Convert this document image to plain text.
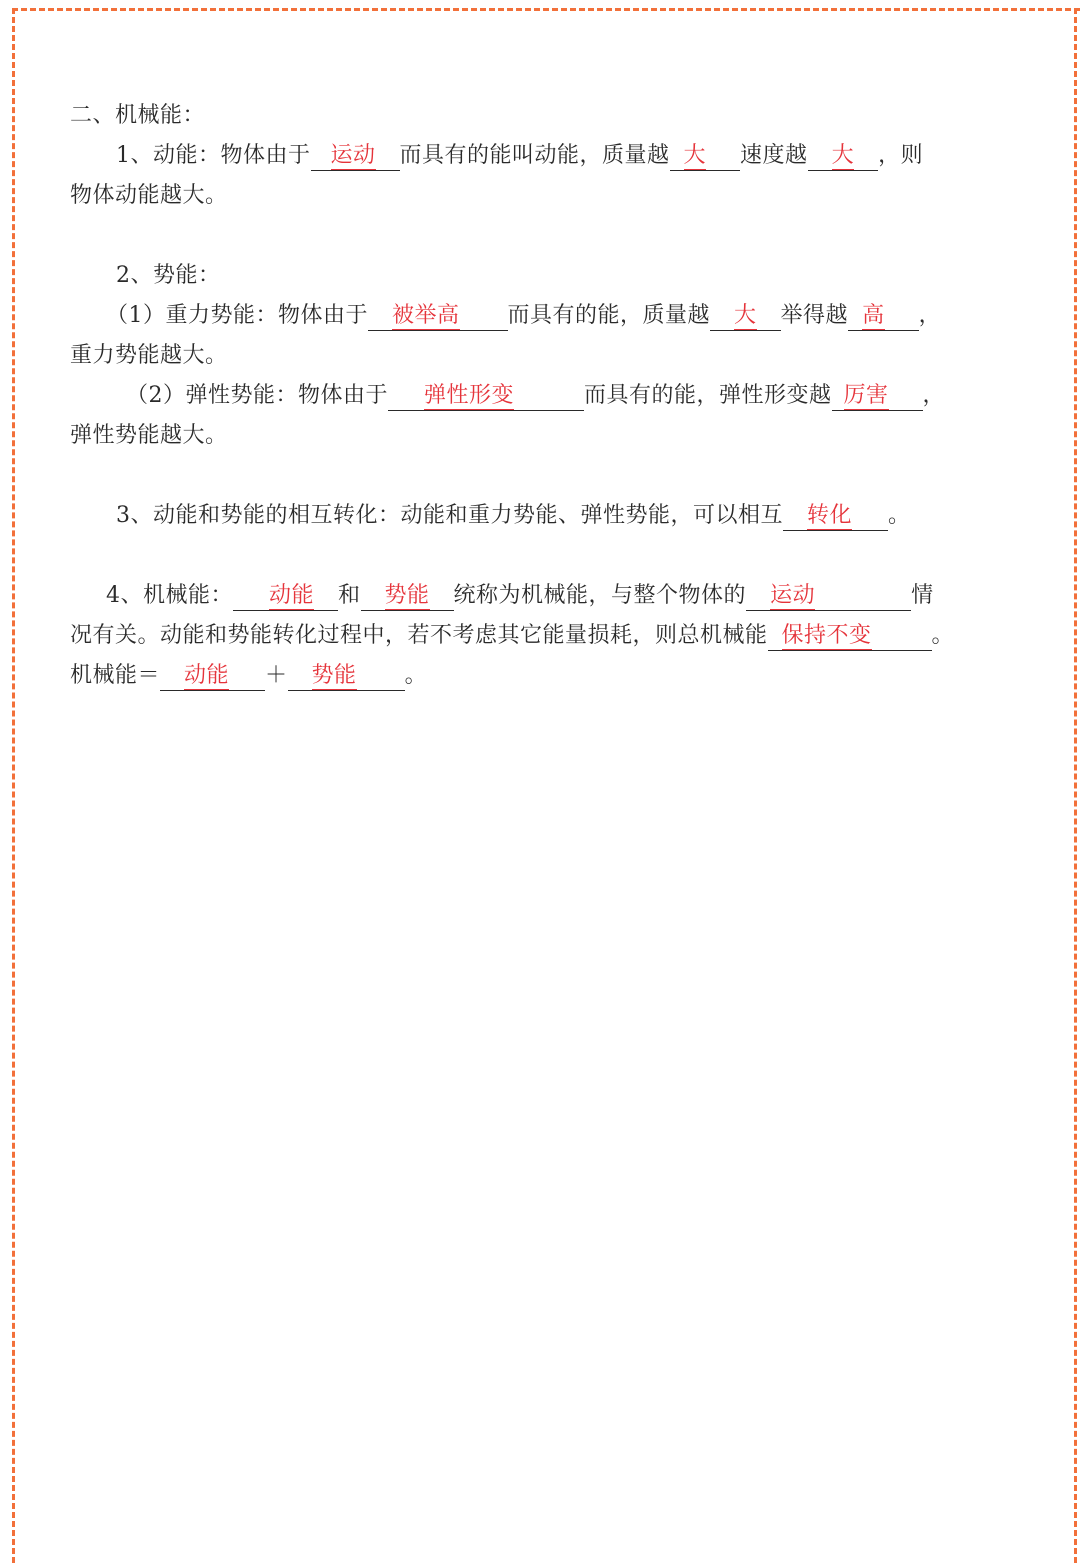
二、机械能：
1、动能：物体由于 运动 而具有的能叫动能，质量越 大 速度越 大 ，则
物体动能越大。
2、势能：
（1）重力势能：物体由于 被举高 而具有的能，质量越 大 举得越 高 ，
重力势能越大。
（2）弹性势能：物体由于 弹性形变	而具有的能，弹性形变越 厉害 ，
弹性势能越大。
3、动能和势能的相互转化：动能和重力势能、弹性势能，可以相互 转化 。
4、机械能： 动能 和 势能 统称为机械能，与整个物体的 运动	情
况有关。动能和势能转化过程中，若不考虑其它能量损耗，则总机械能 保持不变	。
机械能＝ 动能 ＋ 势能 。
